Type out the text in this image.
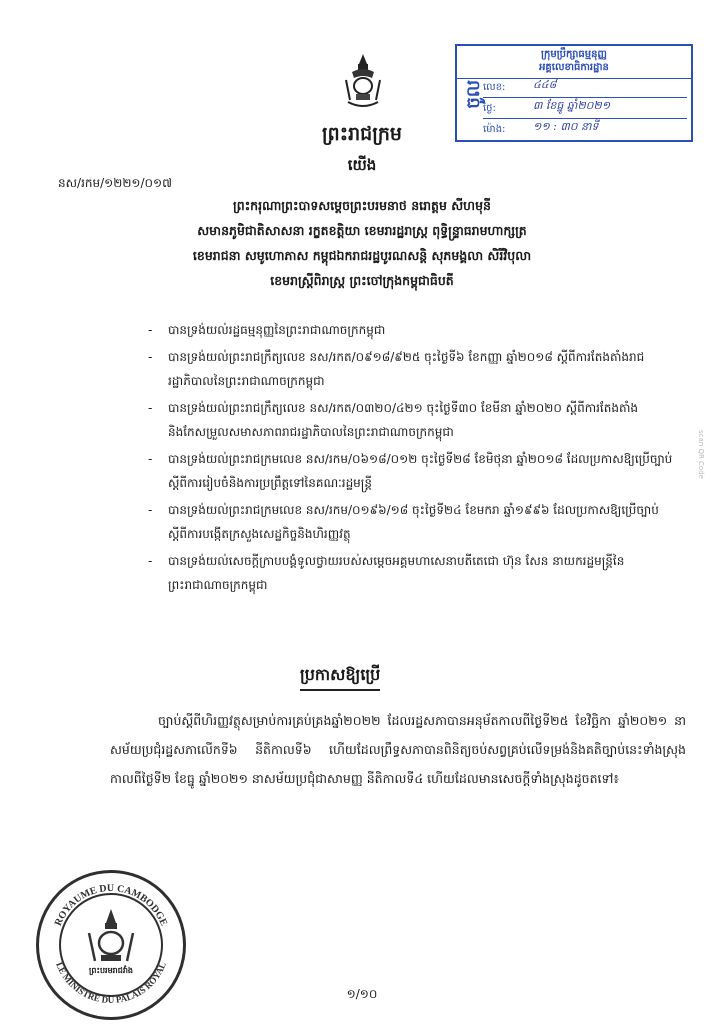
ក្រុមប្រឹក្សាធម្មនុញ្ញ
អគ្គលេខាធិការដ្ឋាន
ចូល លេខ:	៤៤៨
ថ្ងៃ:	៣ ខែធ្នូ ឆ្នាំ២០២១
ម៉ោង:	១១ : ៣០ នាទី
ព្រះរាជក្រម
យើង
នស/រកម/១២២១/០១៧
ព្រះករុណាព្រះបាទសម្តេចព្រះបរមនាថ នរោត្តម សីហមុនី
សមានភូមិជាតិសាសនា រក្ខតខត្តិយា ខេមរារដ្ឋរាស្ត្រ ពុទ្ធិន្ទ្រាធរាមហាក្សត្រ
ខេមរាជនា សមូហោភាស កម្ពុជឯករាជរដ្ឋបូរណសន្តិ សុភមង្គលា សិរីវិបុលា
ខេមរាស្ត្រីពិរាស្ត្រ ព្រះចៅក្រុងកម្ពុជាធិបតី
- បានទ្រង់យល់រដ្ឋធម្មនុញ្ញនៃព្រះរាជាណាចក្រកម្ពុជា
- បានទ្រង់យល់ព្រះរាជក្រឹត្យលេខ នស/រកត/០៩១៨/៩២៥ ចុះថ្ងៃទី៦ ខែកញ្ញា ឆ្នាំ២០១៨ ស្តីពីការតែងតាំងរាជរដ្ឋាភិបាលនៃព្រះរាជាណាចក្រកម្ពុជា
- បានទ្រង់យល់ព្រះរាជក្រឹត្យលេខ នស/រកត/០៣២០/៤២១ ចុះថ្ងៃទី៣០ ខែមីនា ឆ្នាំ២០២០ ស្តីពីការតែងតាំងនិងកែសម្រួលសមាសភាពរាជរដ្ឋាភិបាលនៃព្រះរាជាណាចក្រកម្ពុជា
- បានទ្រង់យល់ព្រះរាជក្រមលេខ នស/រកម/០៦១៨/០១២ ចុះថ្ងៃទី២៨ ខែមិថុនា ឆ្នាំ២០១៨ ដែលប្រកាសឱ្យប្រើច្បាប់ស្តីពីការរៀបចំនិងការប្រព្រឹត្តទៅនៃគណៈរដ្ឋមន្ត្រី
- បានទ្រង់យល់ព្រះរាជក្រមលេខ នស/រកម/០១៩៦/១៨ ចុះថ្ងៃទី២៤ ខែមករា ឆ្នាំ១៩៩៦ ដែលប្រកាសឱ្យប្រើច្បាប់ស្តីពីការបង្កើតក្រសួងសេដ្ឋកិច្ចនិងហិរញ្ញវត្ថុ
- បានទ្រង់យល់សេចក្តីក្រាបបង្គំទូលថ្វាយរបស់សម្តេចអគ្គមហាសេនាបតីតេជោ ហ៊ុន សែន នាយករដ្ឋមន្ត្រីនៃព្រះរាជាណាចក្រកម្ពុជា
ប្រកាសឱ្យប្រើ
ច្បាប់ស្តីពីហិរញ្ញវត្ថុសម្រាប់ការគ្រប់គ្រងឆ្នាំ២០២២ ដែលរដ្ឋសភាបានអនុម័តកាលពីថ្ងៃទី២៥ ខែវិច្ឆិកា ឆ្នាំ២០២១ នាសម័យប្រជុំរដ្ឋសភាលើកទី៦ នីតិកាលទី៦ ហើយដែលព្រឹទ្ធសភាបានពិនិត្យចប់សព្វគ្រប់លើទម្រង់និងគតិច្បាប់នេះទាំងស្រុងកាលពីថ្ងៃទី២ ខែធ្នូ ឆ្នាំ២០២១ នាសម័យប្រជុំជាសាមញ្ញ នីតិកាលទី៤ ហើយដែលមានសេចក្តីទាំងស្រុងដូចតទៅ៖
ROYAUME DU CAMBODGE
LE MINISTRE DU PALAIS ROYAL
ព្រះបរមរាជវាំង
១/១០
scan QR Code
